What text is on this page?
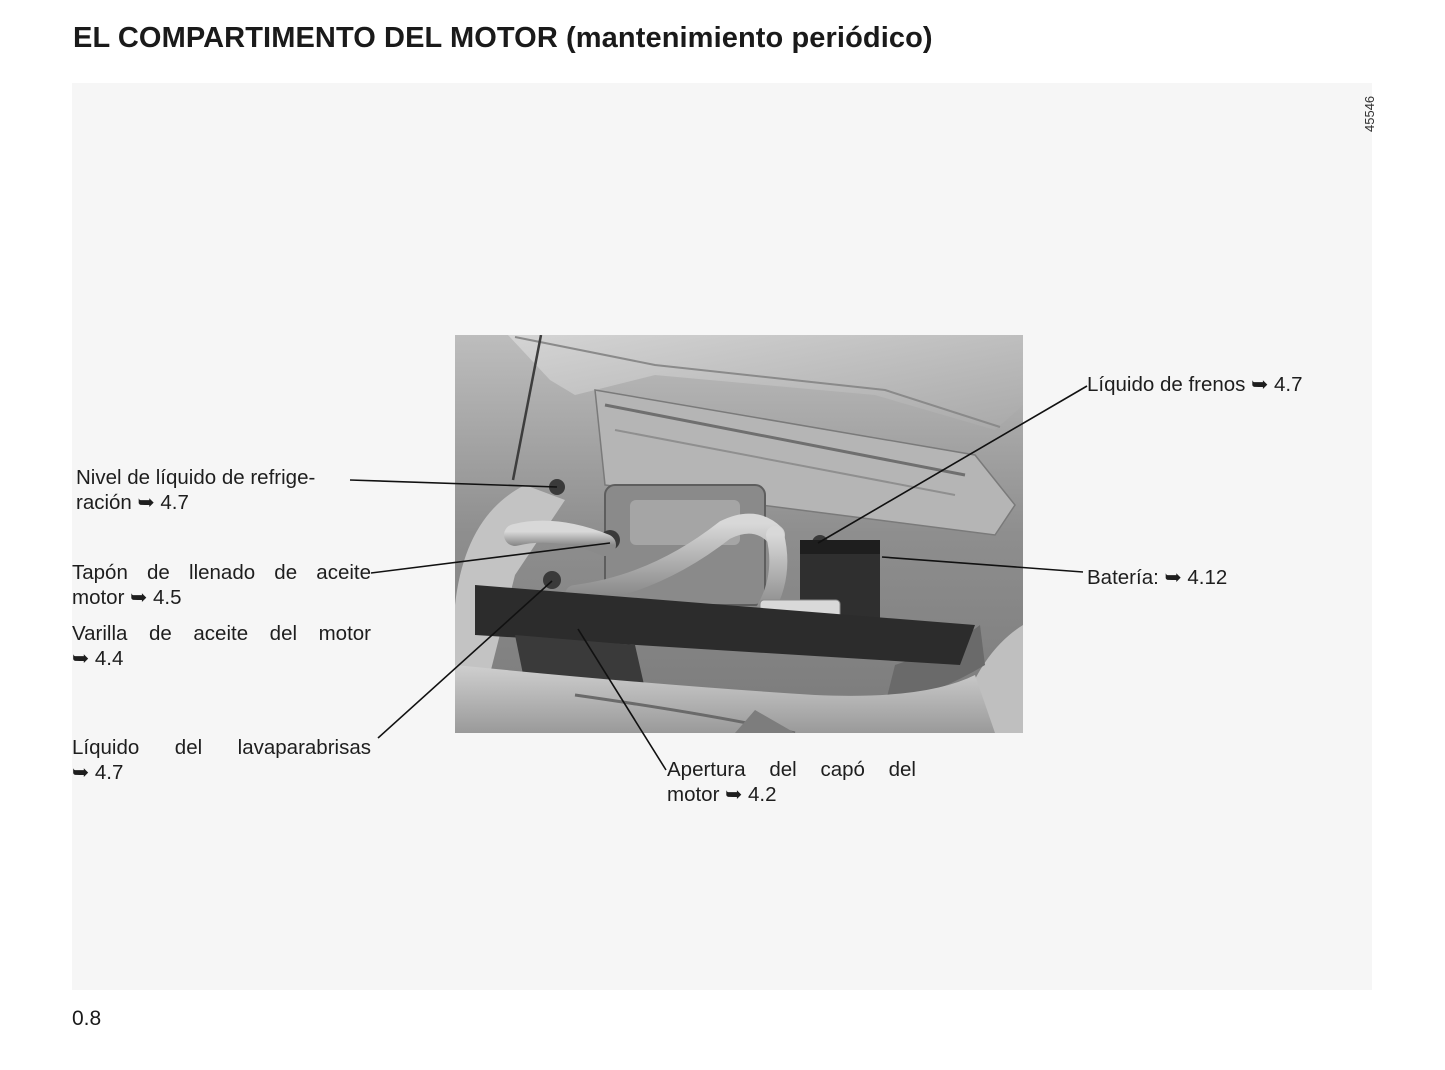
EL COMPARTIMENTO DEL MOTOR (mantenimiento periódico)
45546
Nivel de líquido de refrige-
ración ➥ 4.7
Tapón de llenado de aceite
motor ➥ 4.5
Varilla de aceite del motor
➥ 4.4
Líquido del lavaparabrisas
➥ 4.7	Apertura del capó del
motor ➥ 4.2
Líquido de frenos ➥ 4.7
Batería: ➥ 4.12
0.8
